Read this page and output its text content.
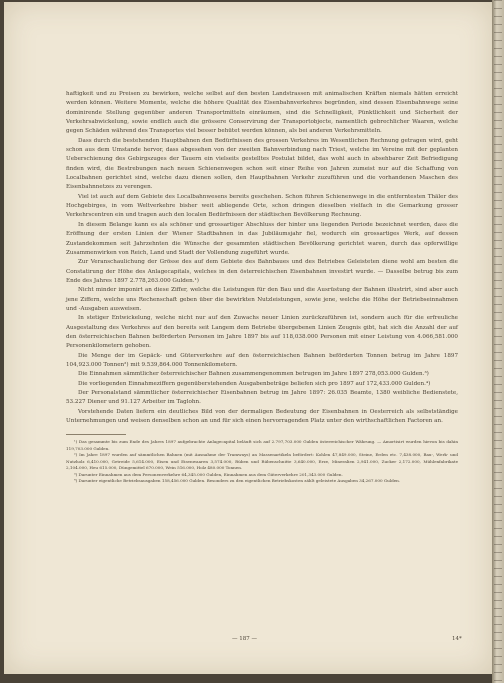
haftigkeit und zu Preisen zu bewirken, welche selbst auf den besten Landstrassen mit animalischen Kräften niemals hätten erreicht werden können. Weitere Momente, welche die höhere Qualität des Eisenbahnverkehres begründen, sind dessen Eisenbahnwege seine dominirende Stellung gegenüber anderen Transportmitteln einräumen, sind die Schnelligkeit, Pünktlichkeit und Sicherheit der Verkehrsabwickelung, sowie endlich auch die grössere Conservirung der Transportobjecte, namentlich gebrechlicher Waaren, welche gegen Schäden während des Transportes viel besser behütet werden können, als bei anderen Verkehrsmitteln.

Dass durch die bestehenden Hauptbahnen den Bedürfnissen des grossen Verkehres im Wesentlichen Rechnung getragen wird, geht schon aus dem Umstande hervor, dass abgesehen von der zweiten Bahnverbindung nach Triest, welche im Vereine mit der geplanten Ueberschienung des Gebirgszuges der Tauern ein vielseits gestelltes Postulat bildet, das wohl auch in absehbarer Zeit Befriedigung finden wird, die Bestrebungen nach neuen Schienenwegen schon seit einer Reihe von Jahren zumeist nur auf die Schaffung von Localbahnen gerichtet sind, welche dazu dienen sollen, den Hauptbahnen Verkehr zuzuführen und die vorhandenen Maschen des Eisenbahnnetzes zu verengen.

Viel ist auch auf dem Gebiete des Localbahnwesens bereits geschehen. Schon führen Schienenwege in die entferntesten Thäler des Hochgebirges, in vom Weltverkehre bisher weit abliegende Orte, schon dringen dieselben vielfach in die Gemarkung grosser Verkehrscentren ein und tragen auch den localen Bedürfnissen der städtischen Bevölkerung Rechnung.

In diesem Belange kann es als schöner und grossartiger Abschluss der hinter uns liegenden Periode bezeichnet werden, dass die Eröffnung der ersten Linien der Wiener Stadtbahnen in das Jubiläumsjahr fiel, wodurch ein grossartiges Werk, auf dessen Zustandekommen seit Jahrzehnten die Wünsche der gesammten städtischen Bevölkerung gerichtet waren, durch das opferwillige Zusammenwirken von Reich, Land und Stadt der Vollendung zugeführt wurde.

Zur Veranschaulichung der Grösse des auf dem Gebiete des Bahnbaues und des Betriebes Geleisteten diene wohl am besten die Constatirung der Höhe des Anlagecapitals, welches in den österreichischen Eisenbahnen investirt wurde. — Dasselbe betrug bis zum Ende des Jahres 1897 2.778,263.000 Gulden.¹)

Nicht minder imponirt an diese Ziffer, welche die Leistungen für den Bau und die Ausrüstung der Bahnen illustrirt, sind aber auch jene Ziffern, welche uns Rechenschaft geben über die bewirkten Nutzleistungen, sowie jene, welche die Höhe der Betriebseinnahmen und -Ausgaben ausweisen.

In stetiger Entwickelung, welche nicht nur auf den Zuwachs neuer Linien zurückzuführen ist, sondern auch für die erfreuliche Ausgestaltung des Verkehres auf den bereits seit Langem dem Betriebe übergebenen Linien Zeugnis gibt, hat sich die Anzahl der auf den österreichischen Bahnen beförderten Personen im Jahre 1897 bis auf 118,038.000 Personen mit einer Leistung von 4.066,581.000 Personenkilometern gehoben.

Die Menge der im Gepäck- und Güterverkehre auf den österreichischen Bahnen beförderten Tonnen betrug im Jahre 1897 104,923.000 Tonnen²) mit 9.539,864.000 Tonnenkilometern.

Die Einnahmen sämmtlicher österreichischer Bahnen zusammengenommen betrugen im Jahre 1897 278,053.000 Gulden.³)

Die vorliegenden Einnahmeziffern gegenüberstehenden Ausgabenbeträge beliefen sich pro 1897 auf 172,433.000 Gulden.⁴)

Der Personalstand sämmtlicher österreichischer Eisenbahnen betrug im Jahre 1897: 26.035 Beamte, 1380 weibliche Bedienstete, 53.227 Diener und 91.127 Arbeiter im Taglohn.

Vorstehende Daten liefern ein deutliches Bild von der dermaligen Bedeutung der Eisenbahnen in Oesterreich als selbstständige Unternehmungen und weisen denselben schon an und für sich einen hervorragenden Platz unter den wirthschaftlichen Factoren an.

¹) Das gesammte bis zum Ende des Jahres 1897 aufgebrachte Anlagecapital beläuft sich auf 2.797,703.000 Gulden österreichischer Währung. — Amortisirt wurden hievon bis dahin 119,703.000 Gulden.

²) Im Jahre 1897 wurden auf sämmtlichen Bahnen (mit Ausnahme der Tramways) an Massenartikeln befördert: Kohlen 47,849.000, Steine, Erden etc. 7,438.000, Bau-, Werk- und Nutzholz 6,410.000, Getreide 5,614.000, Eisen und Eisenwaaren 3,574.000, Rüben und Rübenschnitte 3,640.000, Erze, Mineralien 2,941.000, Zucker 2,172.000, Mühlenfabrikate 2,104.000, Heu 615.000, Düngemittel 670.000, Wein 516.000, Holz 480.000 Tonnen.

³) Darunter Einnahmen aus dem Personenverkehre 64,345.000 Gulden, Einnahmen aus dem Güterverkehre 201,343.000 Gulden.

⁴) Darunter eigentliche Betriebsausgaben 158,456.000 Gulden. Besonders zu den eigentlichen Betriebskosten zählt geleistete Ausgaben 34,267.000 Gulden.

— 187 —	14*
